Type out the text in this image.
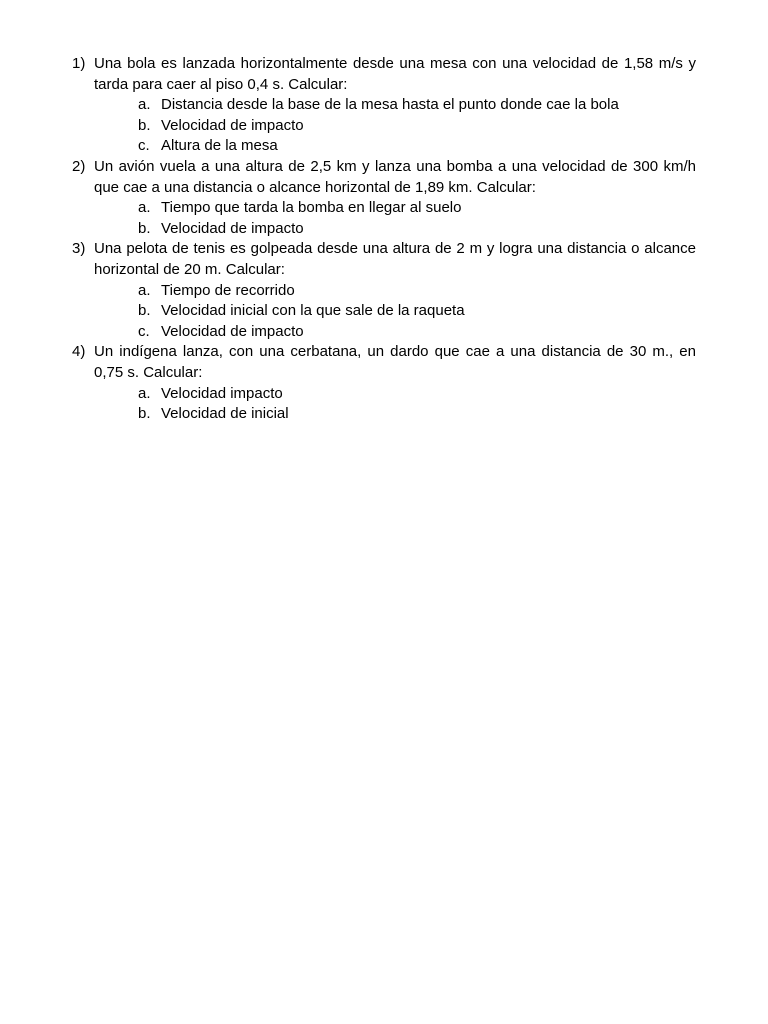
1) Una bola es lanzada horizontalmente desde una mesa con una velocidad de 1,58 m/s y tarda para caer al piso 0,4 s. Calcular:
a. Distancia desde la base de la mesa hasta el punto donde cae la bola
b. Velocidad de impacto
c. Altura de la mesa
2) Un avión vuela a una altura de 2,5 km y lanza una bomba a una velocidad de 300 km/h que cae a una distancia o alcance horizontal de 1,89 km. Calcular:
a. Tiempo que tarda la bomba en llegar al suelo
b. Velocidad de impacto
3) Una pelota de tenis es golpeada desde una altura de 2 m y logra una distancia o alcance horizontal de 20 m. Calcular:
a. Tiempo de recorrido
b. Velocidad inicial con la que sale de la raqueta
c. Velocidad de impacto
4) Un indígena lanza, con una cerbatana, un dardo que cae a una distancia de 30 m., en 0,75 s. Calcular:
a. Velocidad impacto
b. Velocidad de inicial
